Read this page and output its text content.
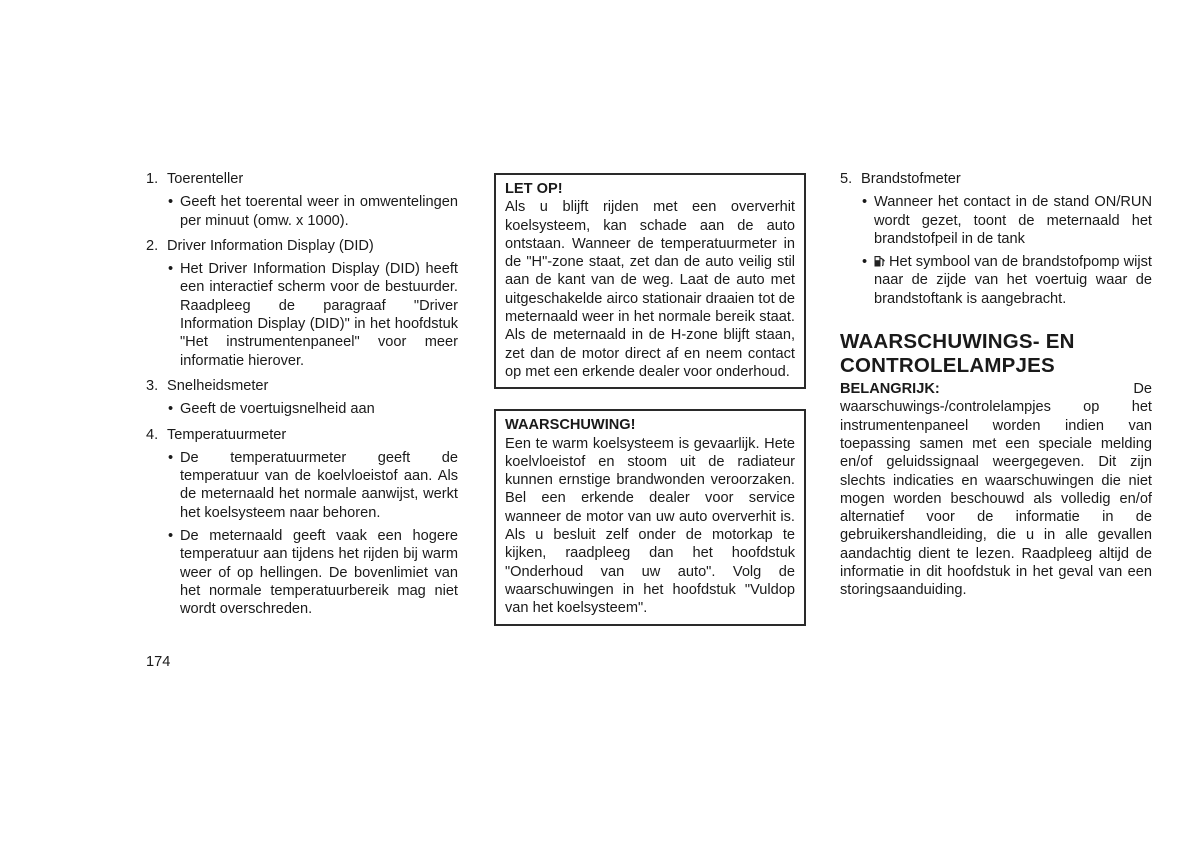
1. Toerenteller
• Geeft het toerental weer in omwentelingen per minuut (omw. x 1000).
2. Driver Information Display (DID)
• Het Driver Information Display (DID) heeft een interactief scherm voor de bestuurder. Raadpleeg de paragraaf "Driver Information Display (DID)" in het hoofdstuk "Het instrumentenpaneel" voor meer informatie hierover.
3. Snelheidsmeter
• Geeft de voertuigsnelheid aan
4. Temperatuurmeter
• De temperatuurmeter geeft de temperatuur van de koelvloeistof aan. Als de meternaald het normale aanwijst, werkt het koelsysteem naar behoren.
• De meternaald geeft vaak een hogere temperatuur aan tijdens het rijden bij warm weer of op hellingen. De bovenlimiet van het normale temperatuurbereik mag niet wordt overschreden.
LET OP!
Als u blijft rijden met een oververhit koelsysteem, kan schade aan de auto ontstaan. Wanneer de temperatuurmeter in de "H"-zone staat, zet dan de auto veilig stil aan de kant van de weg. Laat de auto met uitgeschakelde airco stationair draaien tot de meternaald weer in het normale bereik staat. Als de meternaald in de H-zone blijft staan, zet dan de motor direct af en neem contact op met een erkende dealer voor onderhoud.
WAARSCHUWING!
Een te warm koelsysteem is gevaarlijk. Hete koelvloeistof en stoom uit de radiateur kunnen ernstige brandwonden veroorzaken. Bel een erkende dealer voor service wanneer de motor van uw auto oververhit is. Als u besluit zelf onder de motorkap te kijken, raadpleeg dan het hoofdstuk "Onderhoud van uw auto". Volg de waarschuwingen in het hoofdstuk "Vuldop van het koelsysteem".
5. Brandstofmeter
• Wanneer het contact in de stand ON/RUN wordt gezet, toont de meternaald het brandstofpeil in de tank
• Het symbool van de brandstofpomp wijst naar de zijde van het voertuig waar de brandstoftank is aangebracht.
WAARSCHUWINGS- EN
CONTROLELAMPJES

BELANGRIJK:	De waarschuwings-/controlelampjes op het instrumentenpaneel worden indien van toepassing samen met een speciale melding en/of geluidssignaal weergegeven. Dit zijn slechts indicaties en waarschuwingen die niet mogen worden beschouwd als volledig en/of alternatief voor de informatie in de gebruikershandleiding, die u in alle gevallen aandachtig dient te lezen. Raadpleeg altijd de informatie in dit hoofdstuk in het geval van een storingsaanduiding.

174
